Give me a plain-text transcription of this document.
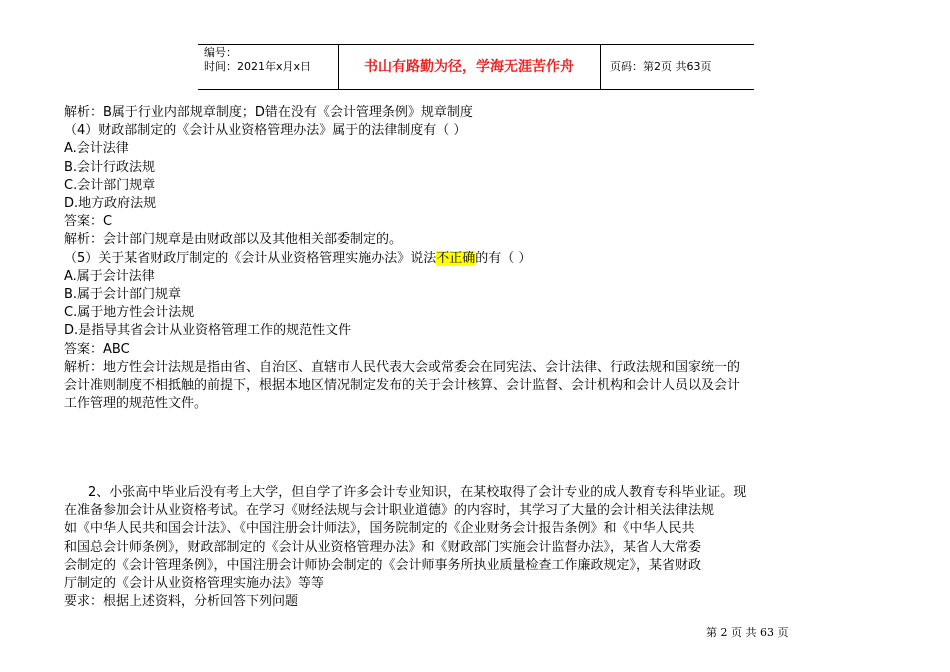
编号：
时间：2021年x月x日	书山有路勤为径，学海无涯苦作舟	页码：第2页 共63页

解析：B属于行业内部规章制度；D错在没有《会计管理条例》规章制度

（4）财政部制定的《会计从业资格管理办法》属于的法律制度有（ ）

A.会计法律

B.会计行政法规

C.会计部门规章

D.地方政府法规

答案：C

解析：会计部门规章是由财政部以及其他相关部委制定的。

（5）关于某省财政厅制定的《会计从业资格管理实施办法》说法不正确的有（ ）

A.属于会计法律

B.属于会计部门规章

C.属于地方性会计法规

D.是指导其省会计从业资格管理工作的规范性文件

答案：ABC

解析：地方性会计法规是指由省、自治区、直辖市人民代表大会或常委会在同宪法、会计法律、行政法规和国家统一的

会计准则制度不相抵触的前提下，根据本地区情况制定发布的关于会计核算、会计监督、会计机构和会计人员以及会计

工作管理的规范性文件。

2、小张高中毕业后没有考上大学，但自学了许多会计专业知识，在某校取得了会计专业的成人教育专科毕业证。现

在准备参加会计从业资格考试。在学习《财经法规与会计职业道德》的内容时，其学习了大量的会计相关法律法规

如《中华人民共和国会计法》、《中国注册会计师法》，国务院制定的《企业财务会计报告条例》和《中华人民共

和国总会计师条例》，财政部制定的《会计从业资格管理办法》和《财政部门实施会计监督办法》，某省人大常委

会制定的《会计管理条例》，中国注册会计师协会制定的《会计师事务所执业质量检查工作廉政规定》，某省财政

厅制定的《会计从业资格管理实施办法》等等

要求：根据上述资料，分析回答下列问题

第 2 页 共 63 页
